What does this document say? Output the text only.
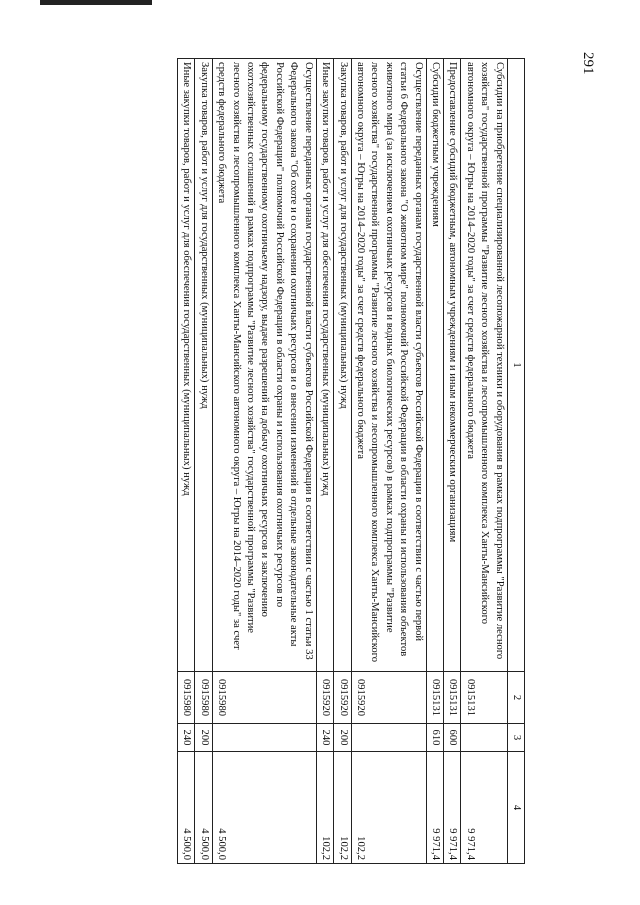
291
1	2	3	4
Субсидии на приобретение специализированной лесопожарной техники и оборудования в рамках подпрограммы "Развитие лесного хозяйства" государственной программы "Развитие лесного хозяйства и лесопромышленного комплекса Ханты-Мансийского автономного округа – Югры на 2014–2020 годы" за счет средств федерального бюджета	0915131		9 971,4
Предоставление субсидий бюджетным, автономным учреждениям и иным некоммерческим организациям	0915131	600	9 971,4
Субсидии бюджетным учреждениям	0915131	610	9 971,4
Осуществление переданных органам государственной власти субъектов Российской Федерации в соответствии с частью первой статьи 6 Федерального закона "О животном мире" полномочий Российской Федерации в области охраны и использования объектов животного мира (за исключением охотничьих ресурсов и водных биологических ресурсов) в рамках подпрограммы "Развитие лесного хозяйства" государственной программы "Развитие лесного хозяйства и лесопромышленного комплекса Ханты-Мансийского автономного округа – Югры на 2014–2020 годы" за счет средств федерального бюджета	0915920		102,2
Закупка товаров, работ и услуг для государственных (муниципальных) нужд	0915920	200	102,2
Иные закупки товаров, работ и услуг для обеспечения государственных (муниципальных) нужд	0915920	240	102,2
Осуществление переданных органам государственной власти субъектов Российской Федерации в соответствии с частью 1 статьи 33 Федерального закона "Об охоте и о сохранении охотничьих ресурсов и о внесении изменений в отдельные законодательные акты Российской Федерации" полномочий Российской Федерации в области охраны и использования охотничьих ресурсов по федеральному государственному охотничьему надзору, выдаче разрешений на добычу охотничьих ресурсов и заключению охотхозяйственных соглашений в рамках подпрограммы "Развитие лесного хозяйства" государственной программы "Развитие лесного хозяйства и лесопромышленного комплекса Ханты-Мансийского автономного округа – Югры на 2014–2020 годы" за счет средств федерального бюджета	0915980		4 500,0
Закупка товаров, работ и услуг для государственных (муниципальных) нужд	0915980	200	4 500,0
Иные закупки товаров, работ и услуг для обеспечения государственных (муниципальных) нужд	0915980	240	4 500,0
